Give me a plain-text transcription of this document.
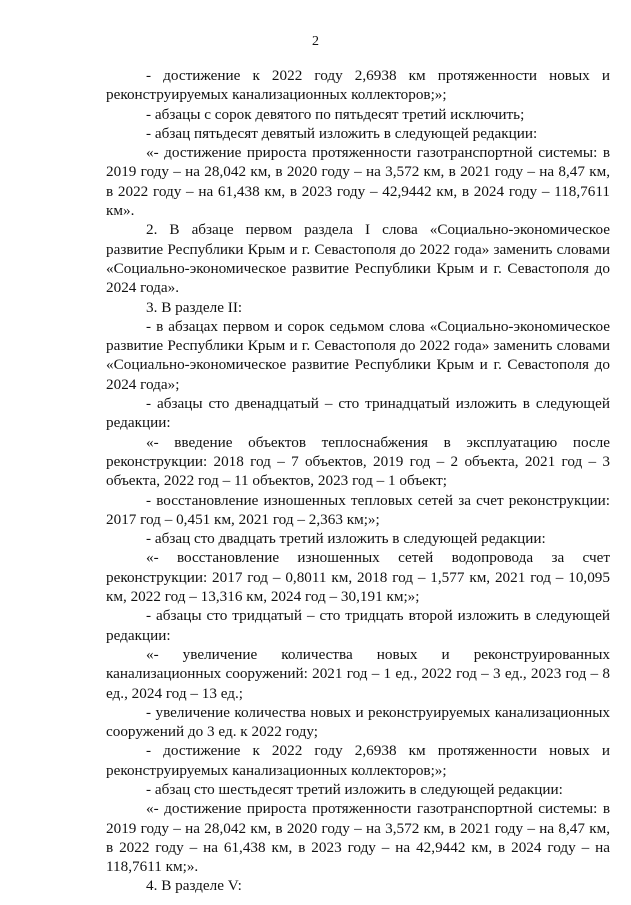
2

- достижение к 2022 году 2,6938 км протяженности новых и реконструируемых канализационных коллекторов;»;

- абзацы с сорок девятого по пятьдесят третий исключить;

- абзац пятьдесят девятый изложить в следующей редакции:

«- достижение прироста протяженности газотранспортной системы: в 2019 году – на 28,042 км, в 2020 году – на 3,572 км, в 2021 году – на 8,47 км, в 2022 году – на 61,438 км, в 2023 году – 42,9442 км, в 2024 году – 118,7611 км».

2. В абзаце первом раздела I слова «Социально-экономическое развитие Республики Крым и г. Севастополя до 2022 года» заменить словами «Социально-экономическое развитие Республики Крым и г. Севастополя до 2024 года».

3. В разделе II:

- в абзацах первом и сорок седьмом слова «Социально-экономическое развитие Республики Крым и г. Севастополя до 2022 года» заменить словами «Социально-экономическое развитие Республики Крым и г. Севастополя до 2024 года»;

- абзацы сто двенадцатый – сто тринадцатый изложить в следующей редакции:

«- введение объектов теплоснабжения в эксплуатацию после реконструкции: 2018 год – 7 объектов, 2019 год – 2 объекта, 2021 год – 3 объекта, 2022 год – 11 объектов, 2023 год – 1 объект;

- восстановление изношенных тепловых сетей за счет реконструкции: 2017 год – 0,451 км, 2021 год – 2,363 км;»;

- абзац сто двадцать третий изложить в следующей редакции:

«- восстановление изношенных сетей водопровода за счет реконструкции: 2017 год – 0,8011 км, 2018 год – 1,577 км, 2021 год – 10,095 км, 2022 год – 13,316 км, 2024 год – 30,191 км;»;

- абзацы сто тридцатый – сто тридцать второй изложить в следующей редакции:

«- увеличение количества новых и реконструированных канализационных сооружений: 2021 год – 1 ед., 2022 год – 3 ед., 2023 год – 8 ед., 2024 год – 13 ед.;

- увеличение количества новых и реконструируемых канализационных сооружений до 3 ед. к 2022 году;

- достижение к 2022 году 2,6938 км протяженности новых и реконструируемых канализационных коллекторов;»;

- абзац сто шестьдесят третий изложить в следующей редакции:

«- достижение прироста протяженности газотранспортной системы: в 2019 году – на 28,042 км, в 2020 году – на 3,572 км, в 2021 году – на 8,47 км, в 2022 году – на 61,438 км, в 2023 году – на 42,9442 км, в 2024 году – на 118,7611 км;».

4. В разделе V:
